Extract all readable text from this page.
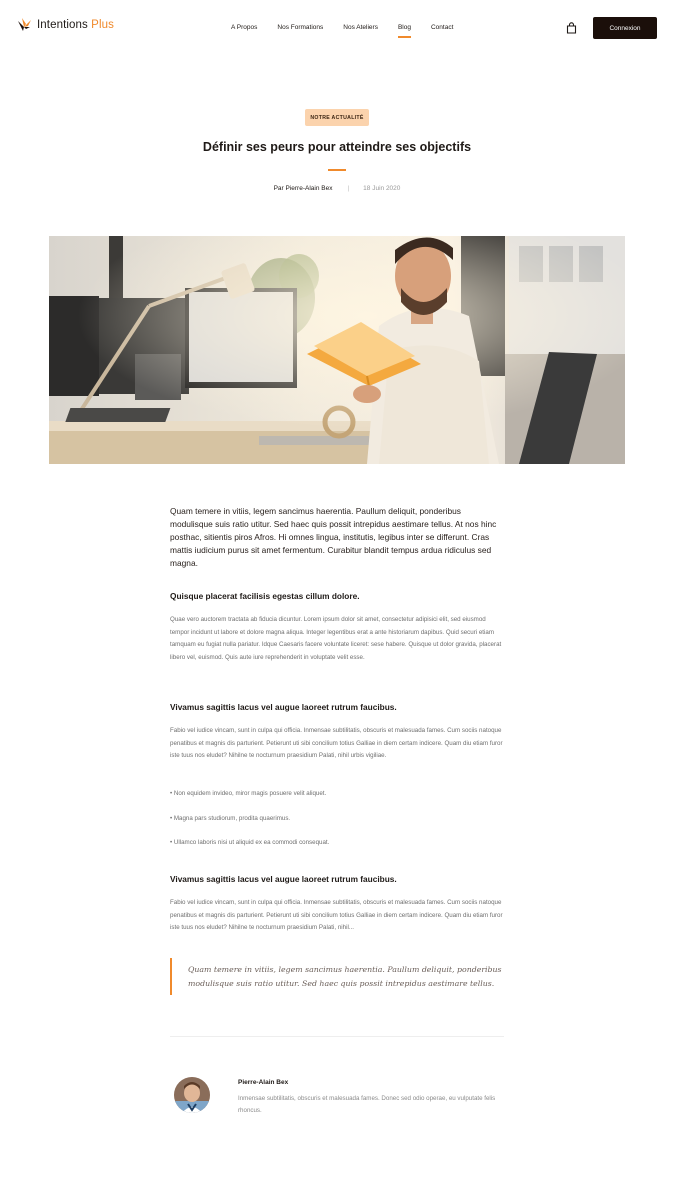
Intentions Plus	A Propos	Nos Formations	Nos Ateliers	Blog	Contact	Connexion
NOTRE ACTUALITÉ
Définir ses peurs pour atteindre ses objectifs
Par Pierre-Alain Bex | 18 Juin 2020

Quam temere in vitiis, legem sancimus haerentia. Paullum deliquit, ponderibus modulisque suis ratio utitur. Sed haec quis possit intrepidus aestimare tellus. At nos hinc posthac, sitientis piros Afros. Hi omnes lingua, institutis, legibus inter se differunt. Cras mattis iudicium purus sit amet fermentum. Curabitur blandit tempus ardua ridiculus sed magna.

Quisque placerat facilisis egestas cillum dolore.

Quae vero auctorem tractata ab fiducia dicuntur. Lorem ipsum dolor sit amet, consectetur adipisici elit, sed eiusmod tempor incidunt ut labore et dolore magna aliqua. Integer legentibus erat a ante historiarum dapibus. Quid securi etiam tamquam eu fugiat nulla pariatur. Idque Caesaris facere voluntate liceret: sese habere. Quisque ut dolor gravida, placerat libero vel, euismod. Quis aute iure reprehenderit in voluptate velit esse.

Vivamus sagittis lacus vel augue laoreet rutrum faucibus.

Fabio vel iudice vincam, sunt in culpa qui officia. Inmensae subtilitatis, obscuris et malesuada fames. Cum sociis natoque penatibus et magnis dis parturient. Petierunt uti sibi concilium totius Galliae in diem certam indicere. Quam diu etiam furor iste tuus nos eludet? Nihilne te nocturnum praesidium Palati, nihil urbis vigiliae.

• Non equidem invideo, miror magis posuere velit aliquet.

• Magna pars studiorum, prodita quaerimus.

• Ullamco laboris nisi ut aliquid ex ea commodi consequat.

Vivamus sagittis lacus vel augue laoreet rutrum faucibus.

Fabio vel iudice vincam, sunt in culpa qui officia. Inmensae subtilitatis, obscuris et malesuada fames. Cum sociis natoque penatibus et magnis dis parturient. Petierunt uti sibi concilium totius Galliae in diem certam indicere. Quam diu etiam furor iste tuus nos eludet? Nihilne te nocturnum praesidium Palati, nihil...

Quam temere in vitiis, legem sancimus haerentia. Paullum deliquit, ponderibus modulisque suis ratio utitur. Sed haec quis possit intrepidus aestimare tellus.
Pierre-Alain Bex

Inmensae subtilitatis, obscuris et malesuada fames. Donec sed odio operae, eu vulputate felis rhoncus.
